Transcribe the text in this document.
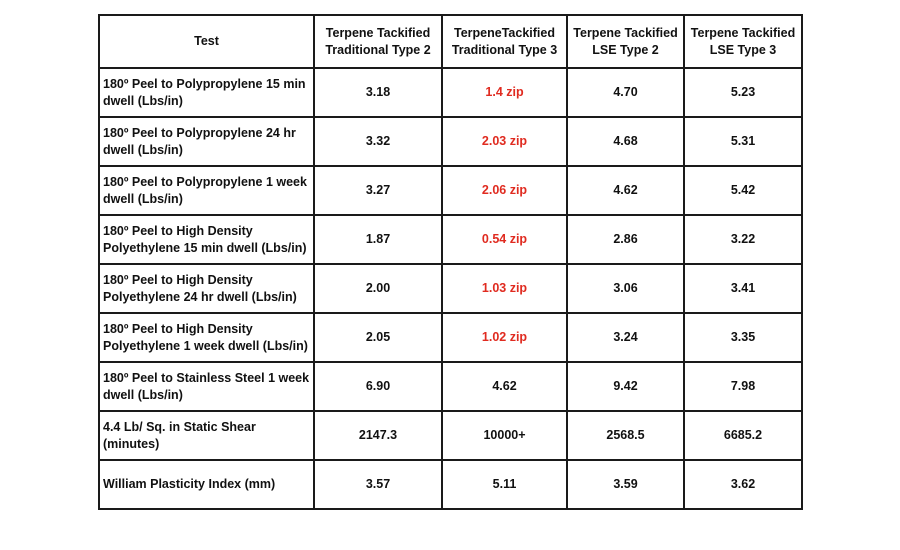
Test	Terpene Tackified Traditional Type 2	TerpeneTackified Traditional Type 3	Terpene Tackified LSE Type 2	Terpene Tackified LSE Type 3
180º Peel to Polypropylene 15 min dwell (Lbs/in)	3.18	1.4 zip	4.70	5.23
180º Peel to Polypropylene 24 hr dwell (Lbs/in)	3.32	2.03 zip	4.68	5.31
180º Peel to Polypropylene 1 week dwell (Lbs/in)	3.27	2.06 zip	4.62	5.42
180º Peel to High Density Polyethylene 15 min dwell (Lbs/in)	1.87	0.54 zip	2.86	3.22
180º Peel to High Density Polyethylene 24 hr dwell (Lbs/in)	2.00	1.03 zip	3.06	3.41
180º Peel to High Density Polyethylene 1 week dwell (Lbs/in)	2.05	1.02 zip	3.24	3.35
180º Peel to Stainless Steel 1 week dwell (Lbs/in)	6.90	4.62	9.42	7.98
4.4 Lb/ Sq. in Static Shear (minutes)	2147.3	10000+	2568.5	6685.2
William Plasticity Index (mm)	3.57	5.11	3.59	3.62
